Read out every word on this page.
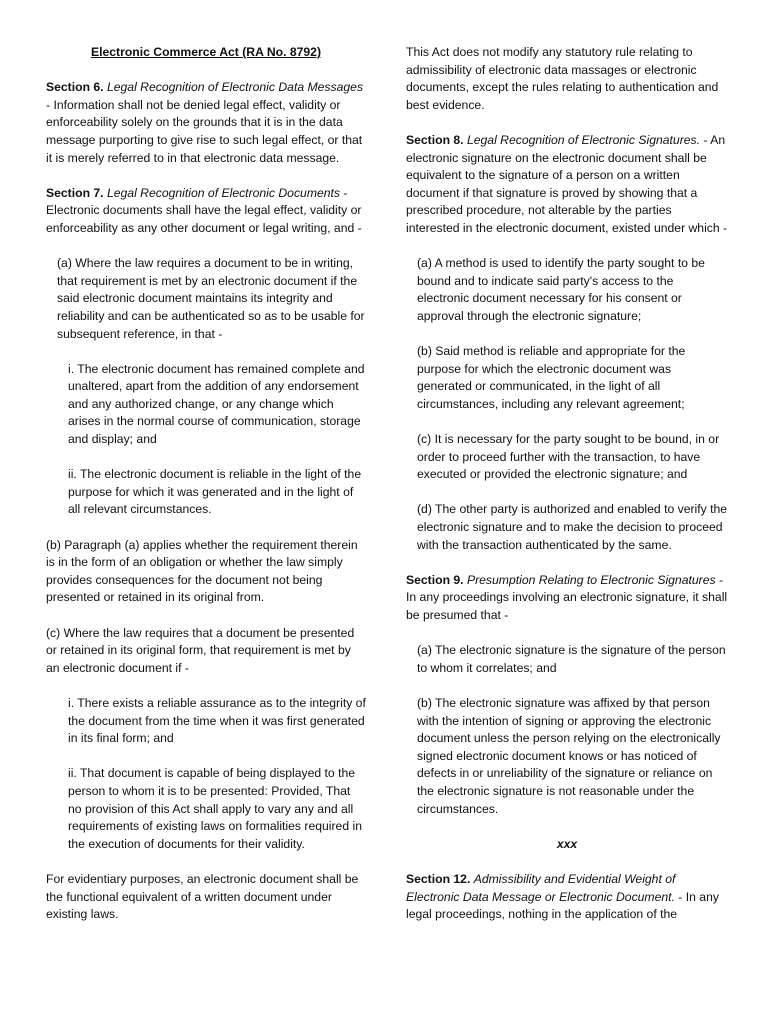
Electronic Commerce Act (RA No. 8792)

Section 6. Legal Recognition of Electronic Data Messages - Information shall not be denied legal effect, validity or enforceability solely on the grounds that it is in the data message purporting to give rise to such legal effect, or that it is merely referred to in that electronic data message.

Section 7. Legal Recognition of Electronic Documents - Electronic documents shall have the legal effect, validity or enforceability as any other document or legal writing, and -

(a) Where the law requires a document to be in writing, that requirement is met by an electronic document if the said electronic document maintains its integrity and reliability and can be authenticated so as to be usable for subsequent reference, in that -

i. The electronic document has remained complete and unaltered, apart from the addition of any endorsement and any authorized change, or any change which arises in the normal course of communication, storage and display; and

ii. The electronic document is reliable in the light of the purpose for which it was generated and in the light of all relevant circumstances.

(b) Paragraph (a) applies whether the requirement therein is in the form of an obligation or whether the law simply provides consequences for the document not being presented or retained in its original from.

(c) Where the law requires that a document be presented or retained in its original form, that requirement is met by an electronic document if -

i. There exists a reliable assurance as to the integrity of the document from the time when it was first generated in its final form; and

ii. That document is capable of being displayed to the person to whom it is to be presented: Provided, That no provision of this Act shall apply to vary any and all requirements of existing laws on formalities required in the execution of documents for their validity.

For evidentiary purposes, an electronic document shall be the functional equivalent of a written document under existing laws.

This Act does not modify any statutory rule relating to admissibility of electronic data massages or electronic documents, except the rules relating to authentication and best evidence.

Section 8. Legal Recognition of Electronic Signatures. - An electronic signature on the electronic document shall be equivalent to the signature of a person on a written document if that signature is proved by showing that a prescribed procedure, not alterable by the parties interested in the electronic document, existed under which -

(a) A method is used to identify the party sought to be bound and to indicate said party's access to the electronic document necessary for his consent or approval through the electronic signature;

(b) Said method is reliable and appropriate for the purpose for which the electronic document was generated or communicated, in the light of all circumstances, including any relevant agreement;

(c) It is necessary for the party sought to be bound, in or order to proceed further with the transaction, to have executed or provided the electronic signature; and

(d) The other party is authorized and enabled to verify the electronic signature and to make the decision to proceed with the transaction authenticated by the same.

Section 9. Presumption Relating to Electronic Signatures - In any proceedings involving an electronic signature, it shall be presumed that -

(a) The electronic signature is the signature of the person to whom it correlates; and

(b) The electronic signature was affixed by that person with the intention of signing or approving the electronic document unless the person relying on the electronically signed electronic document knows or has noticed of defects in or unreliability of the signature or reliance on the electronic signature is not reasonable under the circumstances.

xxx

Section 12. Admissibility and Evidential Weight of Electronic Data Message or Electronic Document. - In any legal proceedings, nothing in the application of the
